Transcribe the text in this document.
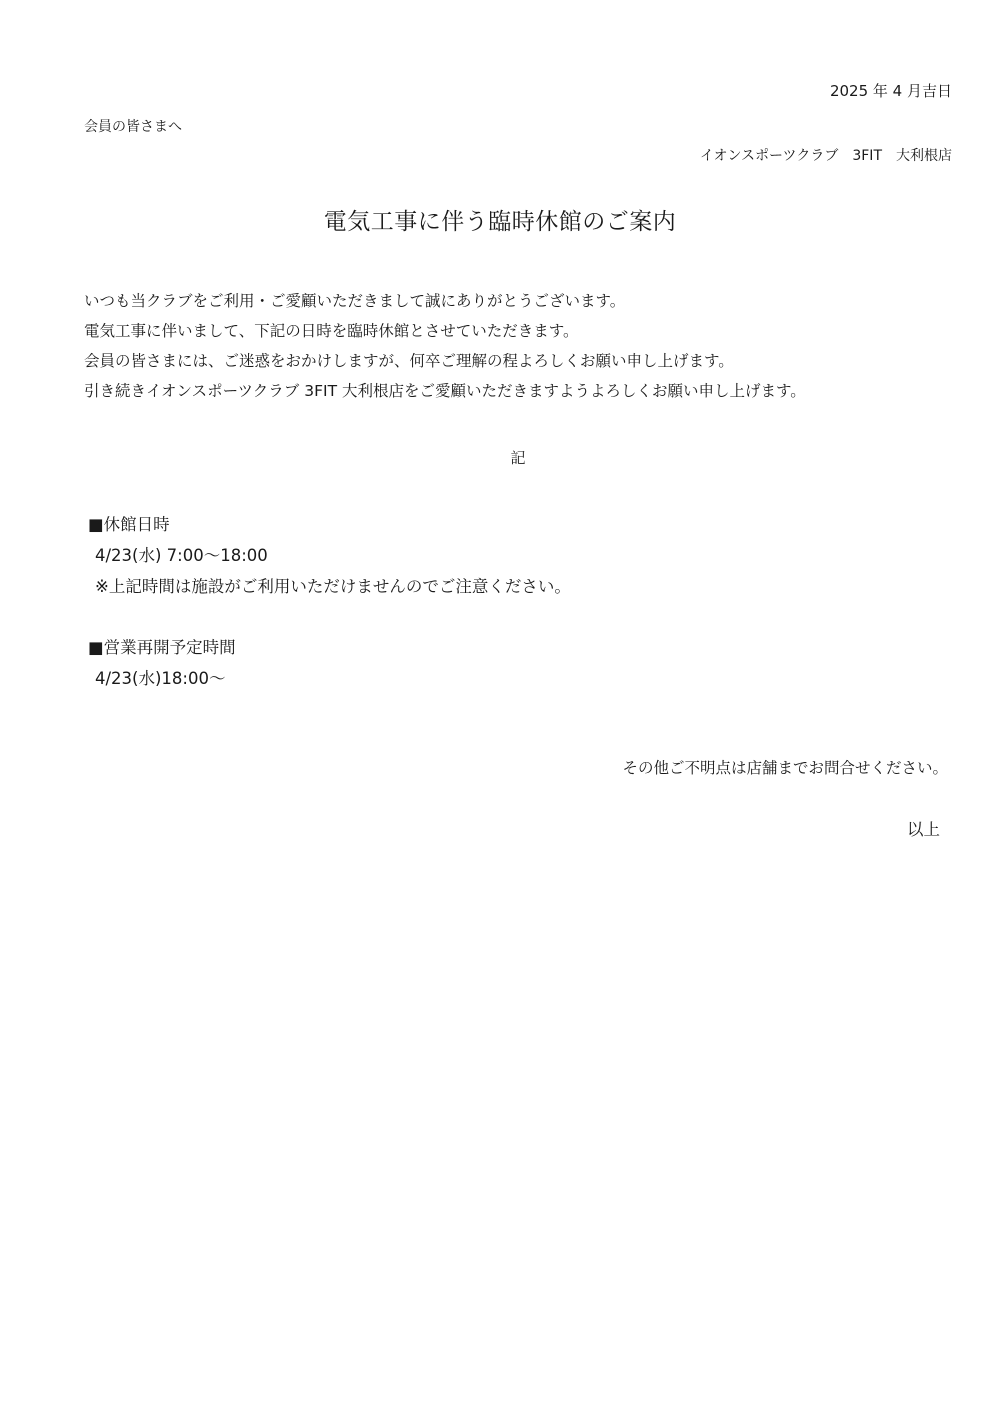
2025 年 4 月吉日
会員の皆さまへ
イオンスポーツクラブ　3FIT　大利根店
電気工事に伴う臨時休館のご案内
いつも当クラブをご利用・ご愛顧いただきまして誠にありがとうございます。
電気工事に伴いまして、下記の日時を臨時休館とさせていただきます。
会員の皆さまには、ご迷惑をおかけしますが、何卒ご理解の程よろしくお願い申し上げます。
引き続きイオンスポーツクラブ 3FIT 大利根店をご愛顧いただきますようよろしくお願い申し上げます。
記
■休館日時
4/23(水) 7:00～18:00
※上記時間は施設がご利用いただけませんのでご注意ください。
■営業再開予定時間
4/23(水)18:00～
その他ご不明点は店舗までお問合せください。
以上
